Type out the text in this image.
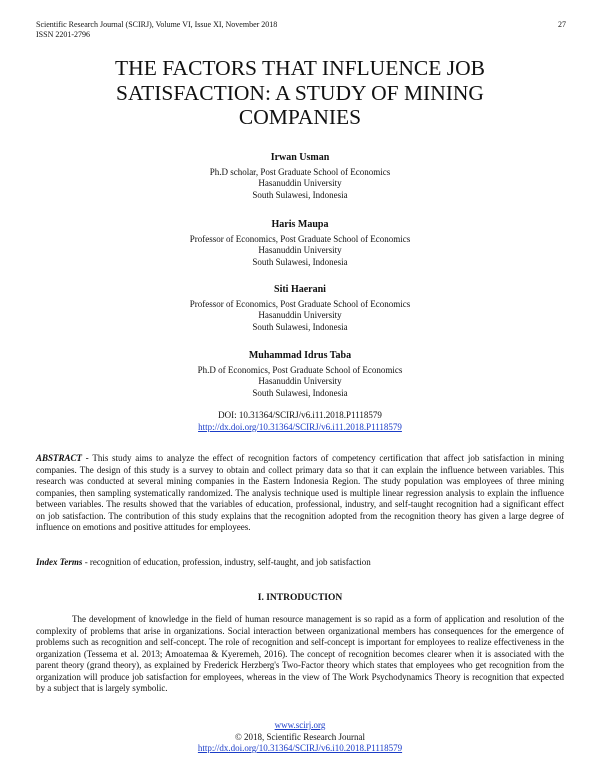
Scientific Research Journal (SCIRJ), Volume VI, Issue XI, November 2018
ISSN 2201-2796
27
THE FACTORS THAT INFLUENCE JOB
SATISFACTION: A STUDY OF MINING
COMPANIES
Irwan Usman
Ph.D scholar, Post Graduate School of Economics
Hasanuddin University
South Sulawesi, Indonesia
Haris Maupa
Professor of Economics, Post Graduate School of Economics
Hasanuddin University
South Sulawesi, Indonesia
Siti Haerani
Professor of Economics, Post Graduate School of Economics
Hasanuddin University
South Sulawesi, Indonesia
Muhammad Idrus Taba
Ph.D of Economics, Post Graduate School of Economics
Hasanuddin University
South Sulawesi, Indonesia
DOI: 10.31364/SCIRJ/v6.i11.2018.P1118579
http://dx.doi.org/10.31364/SCIRJ/v6.i11.2018.P1118579
ABSTRACT - This study aims to analyze the effect of recognition factors of competency certification that affect job satisfaction in mining companies. The design of this study is a survey to obtain and collect primary data so that it can explain the influence between variables. This research was conducted at several mining companies in the Eastern Indonesia Region. The study population was employees of three mining companies, then sampling systematically randomized. The analysis technique used is multiple linear regression analysis to explain the influence between variables. The results showed that the variables of education, professional, industry, and self-taught recognition had a significant effect on job satisfaction. The contribution of this study explains that the recognition adopted from the recognition theory has given a large degree of influence on emotions and positive attitudes for employees.
Index Terms - recognition of education, profession, industry, self-taught, and job satisfaction
I. INTRODUCTION
The development of knowledge in the field of human resource management is so rapid as a form of application and resolution of the complexity of problems that arise in organizations. Social interaction between organizational members has consequences for the emergence of problems such as recognition and self-concept. The role of recognition and self-concept is important for employees to realize effectiveness in the organization (Tessema et al. 2013; Amoatemaa & Kyeremeh, 2016). The concept of recognition becomes clearer when it is associated with the parent theory (grand theory), as explained by Frederick Herzberg's Two-Factor theory which states that employees who get recognition from the organization will produce job satisfaction for employees, whereas in the view of The Work Psychodynamics Theory is recognition that expected by a subject that is largely symbolic.
www.scirj.org
© 2018, Scientific Research Journal
http://dx.doi.org/10.31364/SCIRJ/v6.i10.2018.P1118579
